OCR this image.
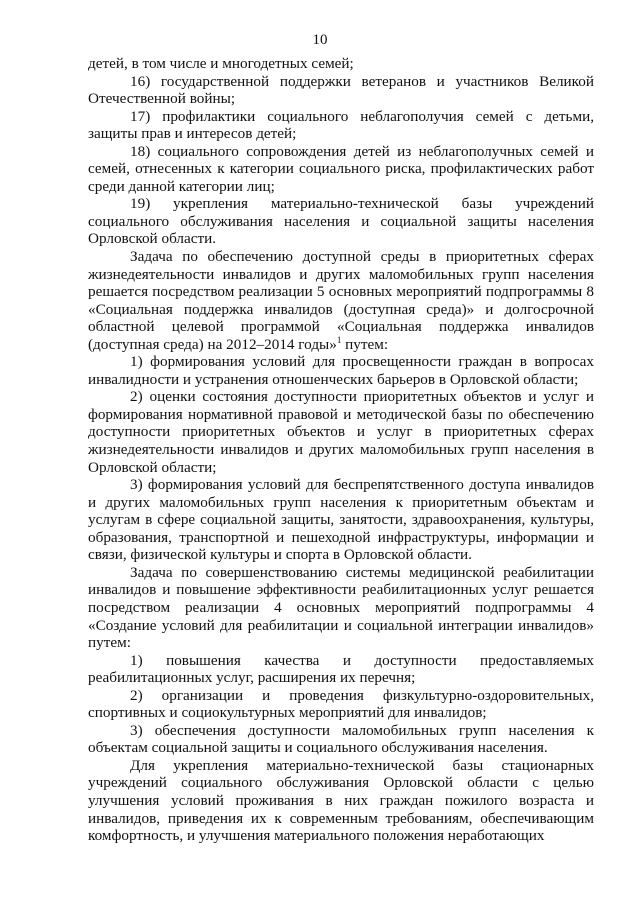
10

детей, в том числе и многодетных семей;

16) государственной поддержки ветеранов и участников Великой Отечественной войны;

17) профилактики социального неблагополучия семей с детьми, защиты прав и интересов детей;

18) социального сопровождения детей из неблагополучных семей и семей, отнесенных к категории социального риска, профилактических работ среди данной категории лиц;

19) укрепления материально-технической базы учреждений социального обслуживания населения и социальной защиты населения Орловской области.

Задача по обеспечению доступной среды в приоритетных сферах жизнедеятельности инвалидов и других маломобильных групп населения решается посредством реализации 5 основных мероприятий подпрограммы 8 «Социальная поддержка инвалидов (доступная среда)» и долгосрочной областной целевой программой «Социальная поддержка инвалидов (доступная среда) на 2012–2014 годы»$^1$ путем:

1) формирования условий для просвещенности граждан в вопросах инвалидности и устранения отношенческих барьеров в Орловской области;

2) оценки состояния доступности приоритетных объектов и услуг и формирования нормативной правовой и методической базы по обеспечению доступности приоритетных объектов и услуг в приоритетных сферах жизнедеятельности инвалидов и других маломобильных групп населения в Орловской области;

3) формирования условий для беспрепятственного доступа инвалидов и других маломобильных групп населения к приоритетным объектам и услугам в сфере социальной защиты, занятости, здравоохранения, культуры, образования, транспортной и пешеходной инфраструктуры, информации и связи, физической культуры и спорта в Орловской области.

Задача по совершенствованию системы медицинской реабилитации инвалидов и повышение эффективности реабилитационных услуг решается посредством реализации 4 основных мероприятий подпрограммы 4 «Создание условий для реабилитации и социальной интеграции инвалидов» путем:

1) повышения качества и доступности предоставляемых реабилитационных услуг, расширения их перечня;

2) организации и проведения физкультурно-оздоровительных, спортивных и социокультурных мероприятий для инвалидов;

3) обеспечения доступности маломобильных групп населения к объектам социальной защиты и социального обслуживания населения.

Для укрепления материально-технической базы стационарных учреждений социального обслуживания Орловской области с целью улучшения условий проживания в них граждан пожилого возраста и инвалидов, приведения их к современным требованиям, обеспечивающим комфортность, и улучшения материального положения неработающих
